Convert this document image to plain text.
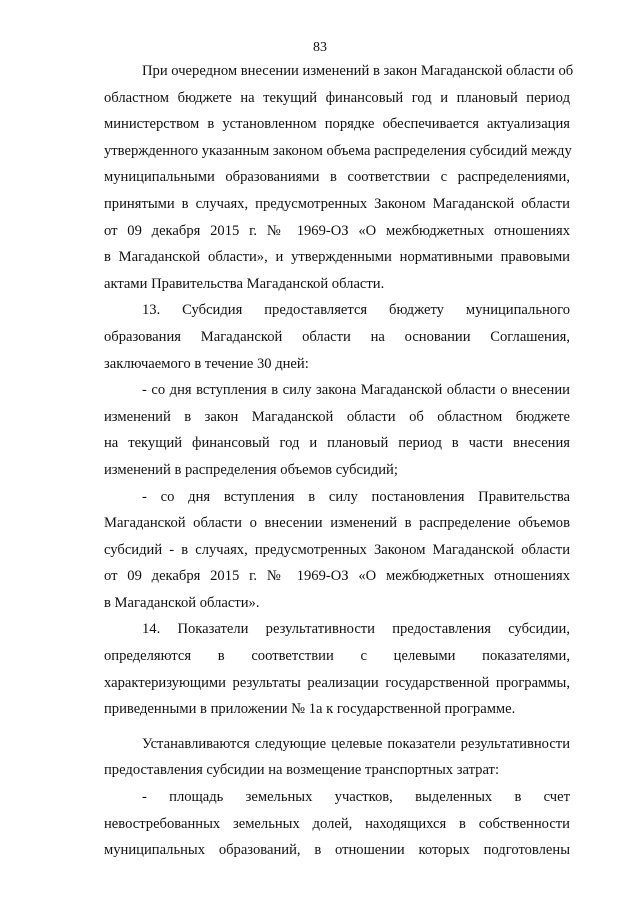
83
При очередном внесении изменений в закон Магаданской области об
областном бюджете на текущий финансовый год и плановый период
министерством в установленном порядке обеспечивается актуализация
утвержденного указанным законом объема распределения субсидий между
муниципальными образованиями в соответствии с распределениями,
принятыми в случаях, предусмотренных Законом Магаданской области
от 09 декабря 2015 г. № 1969-ОЗ «О межбюджетных отношениях
в Магаданской области», и утвержденными нормативными правовыми
актами Правительства Магаданской области.
13. Субсидия предоставляется бюджету муниципального
образования Магаданской области на основании Соглашения,
заключаемого в течение 30 дней:
- со дня вступления в силу закона Магаданской области о внесении
изменений в закон Магаданской области об областном бюджете
на текущий финансовый год и плановый период в части внесения
изменений в распределения объемов субсидий;
- со дня вступления в силу постановления Правительства
Магаданской области о внесении изменений в распределение объемов
субсидий - в случаях, предусмотренных Законом Магаданской области
от 09 декабря 2015 г. № 1969-ОЗ «О межбюджетных отношениях
в Магаданской области».
14. Показатели результативности предоставления субсидии,
определяются в соответствии с целевыми показателями,
характеризующими результаты реализации государственной программы,
приведенными в приложении № 1а к государственной программе.
Устанавливаются следующие целевые показатели результативности
предоставления субсидии на возмещение транспортных затрат:
- площадь земельных участков, выделенных в счет
невостребованных земельных долей, находящихся в собственности
муниципальных образований, в отношении которых подготовлены
